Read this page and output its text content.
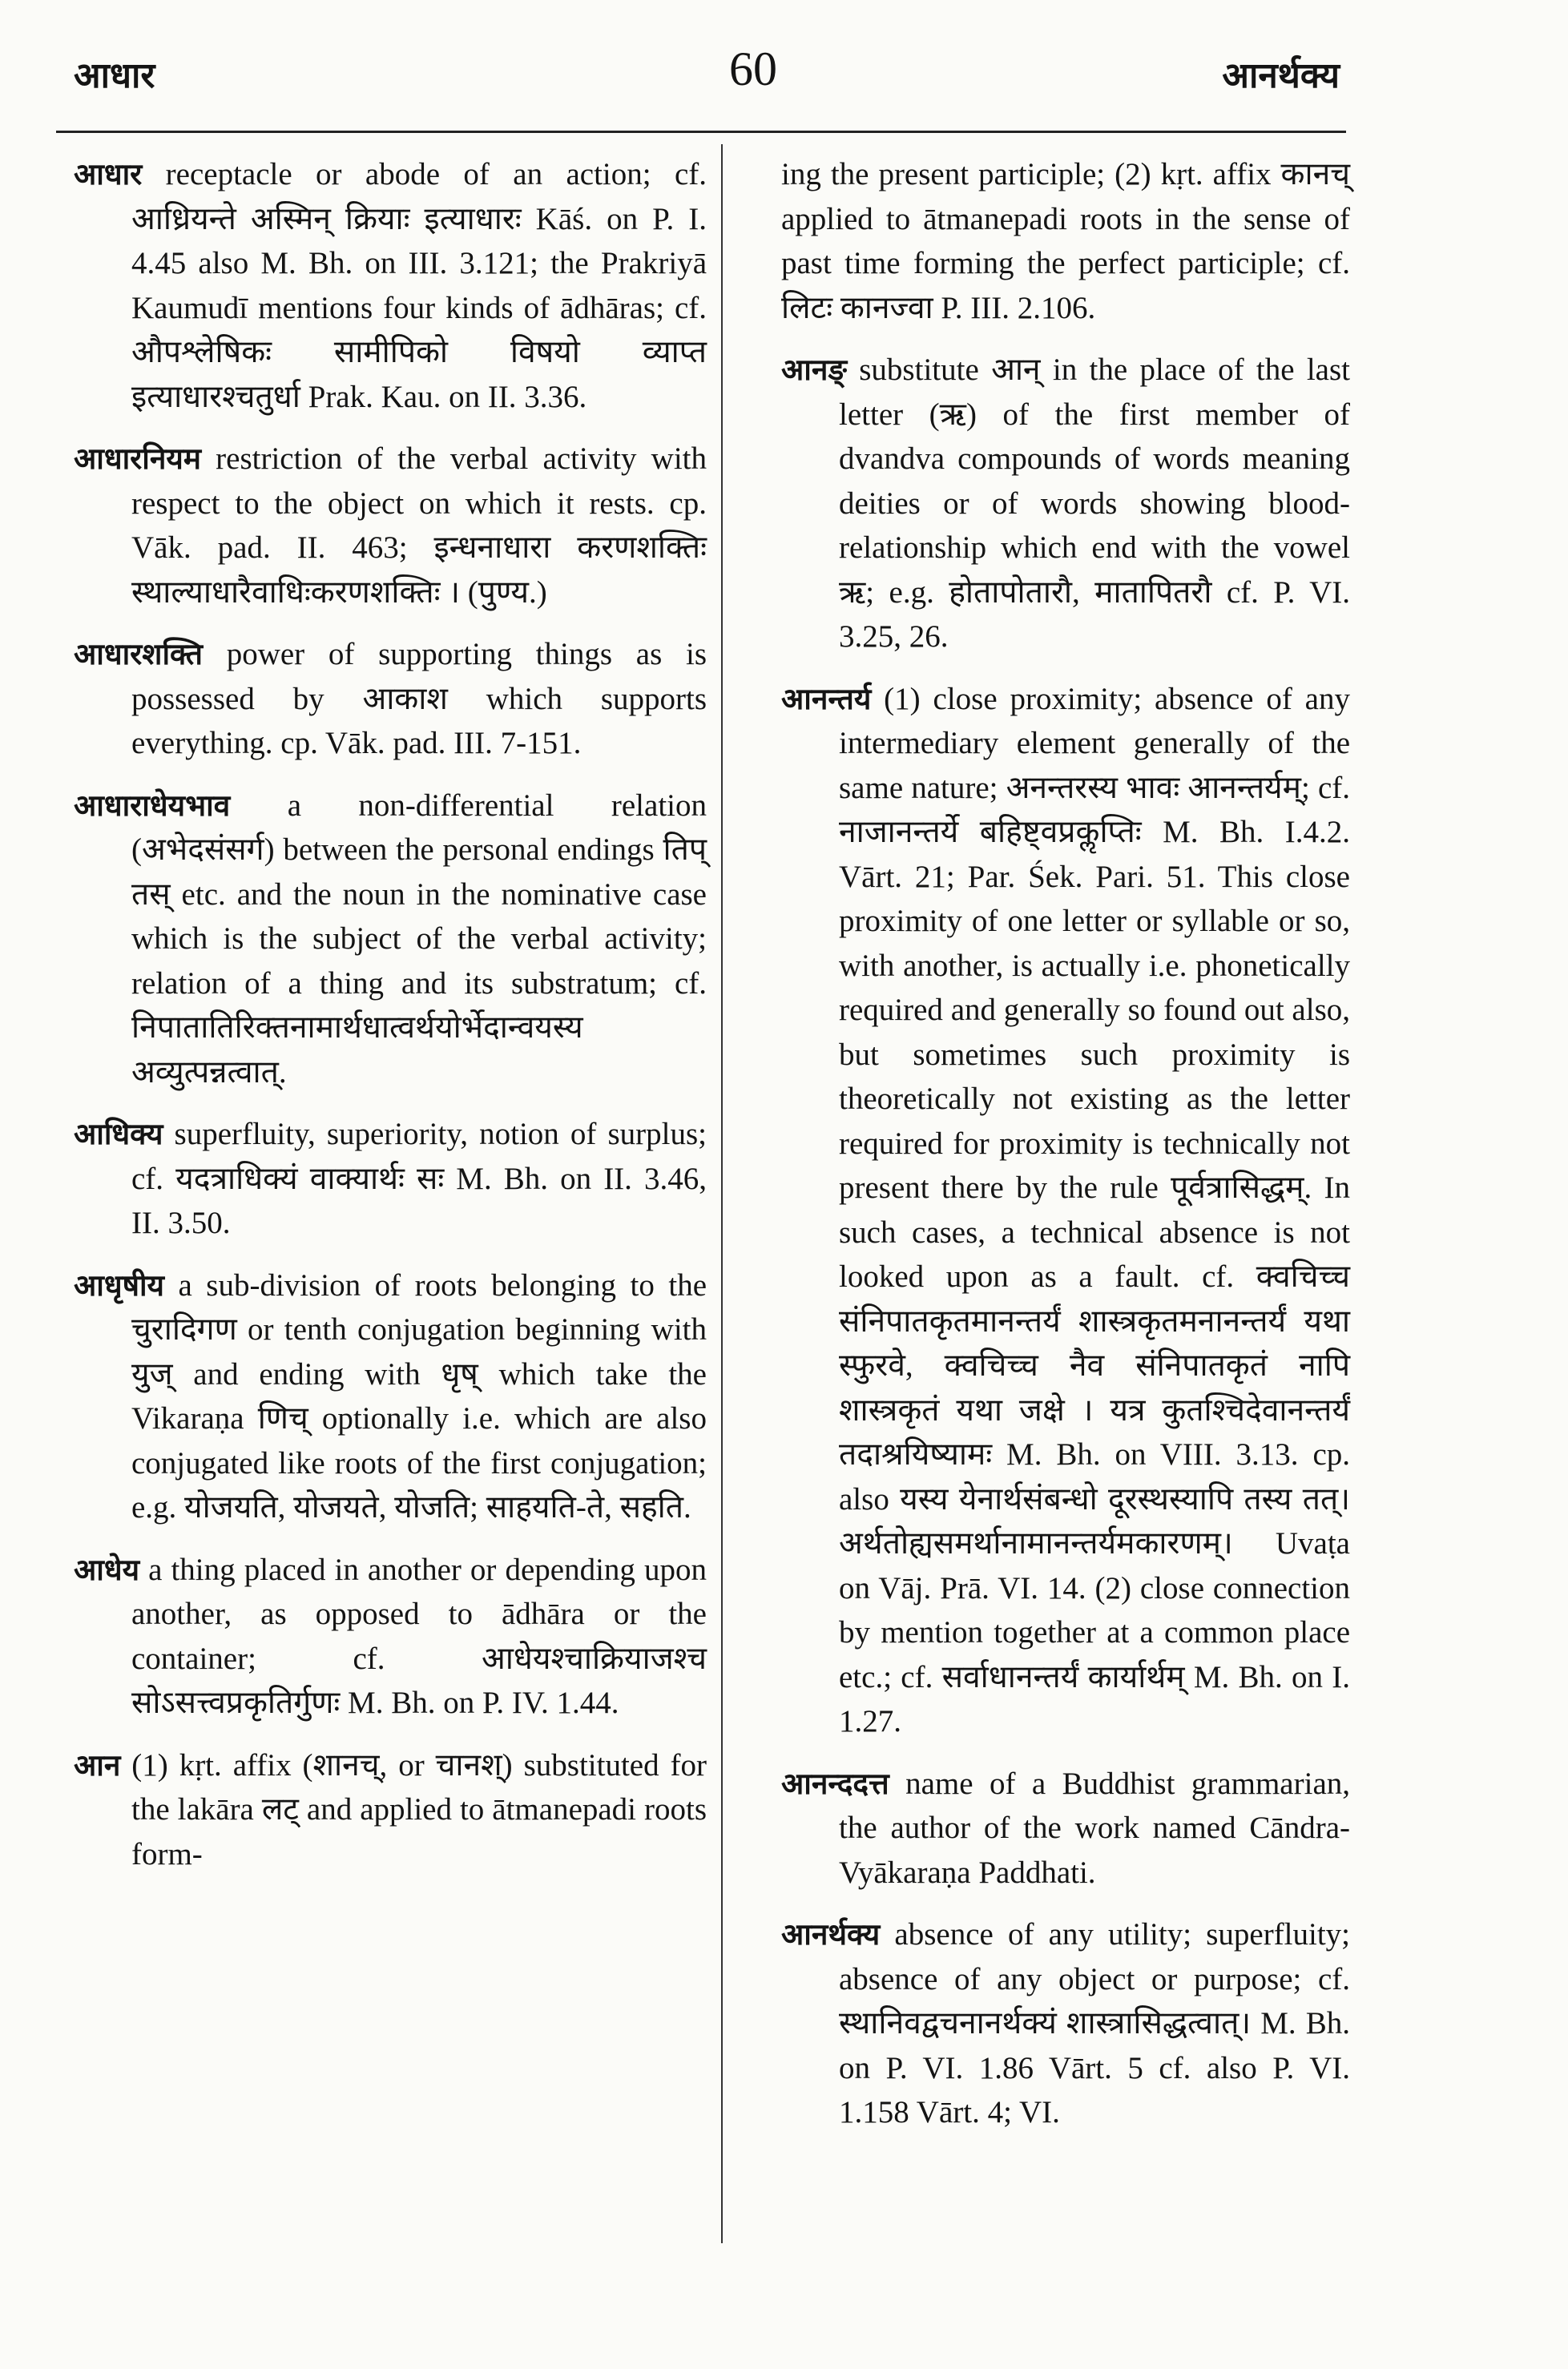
आधार	60	आनर्थक्य

आधार receptacle or abode of an action; cf. आध्रियन्ते अस्मिन् क्रियाः इत्याधारः Kāś. on P. I. 4.45 also M. Bh. on III. 3.121; the Prakriyā Kaumudī mentions four kinds of ādhāras; cf. औपश्लेषिकः सामीपिको विषयो व्याप्त इत्याधारश्चतुर्धा Prak. Kau. on II. 3.36.

आधारनियम restriction of the verbal activity with respect to the object on which it rests. cp. Vāk. pad. II. 463; इन्धनाधारा करणशक्तिः स्थाल्याधारैवाधिःकरणशक्तिः । (पुण्य.)

आधारशक्ति power of supporting things as is possessed by आकाश which supports everything. cp. Vāk. pad. III. 7-151.

आधाराधेयभाव a non-differential relation (अभेदसंसर्ग) between the personal endings तिप् तस् etc. and the noun in the nominative case which is the subject of the verbal activity; relation of a thing and its substratum; cf. निपातातिरिक्तनामार्थधात्वर्थयोर्भेदान्वयस्य अव्युत्पन्नत्वात्.

आधिक्य superfluity, superiority, notion of surplus; cf. यदत्राधिक्यं वाक्यार्थः सः M. Bh. on II. 3.46, II. 3.50.

आधृषीय a sub-division of roots belonging to the चुरादिगण or tenth conjugation beginning with युज् and ending with धृष् which take the Vikaraṇa णिच् optionally i.e. which are also conjugated like roots of the first conjugation; e.g. योजयति, योजयते, योजति; साहयति-ते, सहति.

आधेय a thing placed in another or depending upon another, as opposed to ādhāra or the container; cf. आधेयश्चाक्रियाजश्च सोऽसत्त्वप्रकृतिर्गुणः M. Bh. on P. IV. 1.44.

आन (1) kṛt. affix (शानच्, or चानश्) substituted for the lakāra लट् and applied to ātmanepadi roots form-

ing the present participle; (2) kṛt. affix कानच् applied to ātmanepadi roots in the sense of past time forming the perfect participle; cf. लिटः कानज्वा P. III. 2.106.

आनङ् substitute आन् in the place of the last letter (ऋ) of the first member of dvandva compounds of words meaning deities or of words showing blood-relationship which end with the vowel ऋ; e.g. होतापोतारौ, मातापितरौ cf. P. VI. 3.25, 26.

आनन्तर्य (1) close proximity; absence of any intermediary element generally of the same nature; अनन्तरस्य भावः आनन्तर्यम्; cf. नाजानन्तर्ये बहिष्ट्वप्रकॢप्तिः M. Bh. I.4.2. Vārt. 21; Par. Śek. Pari. 51. This close proximity of one letter or syllable or so, with another, is actually i.e. phonetically required and generally so found out also, but sometimes such proximity is theoretically not existing as the letter required for proximity is technically not present there by the rule पूर्वत्रासिद्धम्. In such cases, a technical absence is not looked upon as a fault. cf. क्वचिच्च संनिपातकृतमानन्तर्यं शास्त्रकृतमनानन्तर्यं यथा स्फुरवे, क्वचिच्च नैव संनिपातकृतं नापि शास्त्रकृतं यथा जक्षे । यत्र कुतश्चिदेवानन्तर्यं तदाश्रयिष्यामः M. Bh. on VIII. 3.13. cp. also यस्य येनार्थसंबन्धो दूरस्थस्यापि तस्य तत्। अर्थतोह्यसमर्थानामानन्तर्यमकारणम्। Uvaṭa on Vāj. Prā. VI. 14. (2) close connection by mention together at a common place etc.; cf. सर्वाधानन्तर्यं कार्यार्थम् M. Bh. on I. 1.27.

आनन्ददत्त name of a Buddhist grammarian, the author of the work named Cāndra-Vyākaraṇa Paddhati.

आनर्थक्य absence of any utility; superfluity; absence of any object or purpose; cf. स्थानिवद्वचनानर्थक्यं शास्त्रासिद्धत्वात्। M. Bh. on P. VI. 1.86 Vārt. 5 cf. also P. VI. 1.158 Vārt. 4; VI.
